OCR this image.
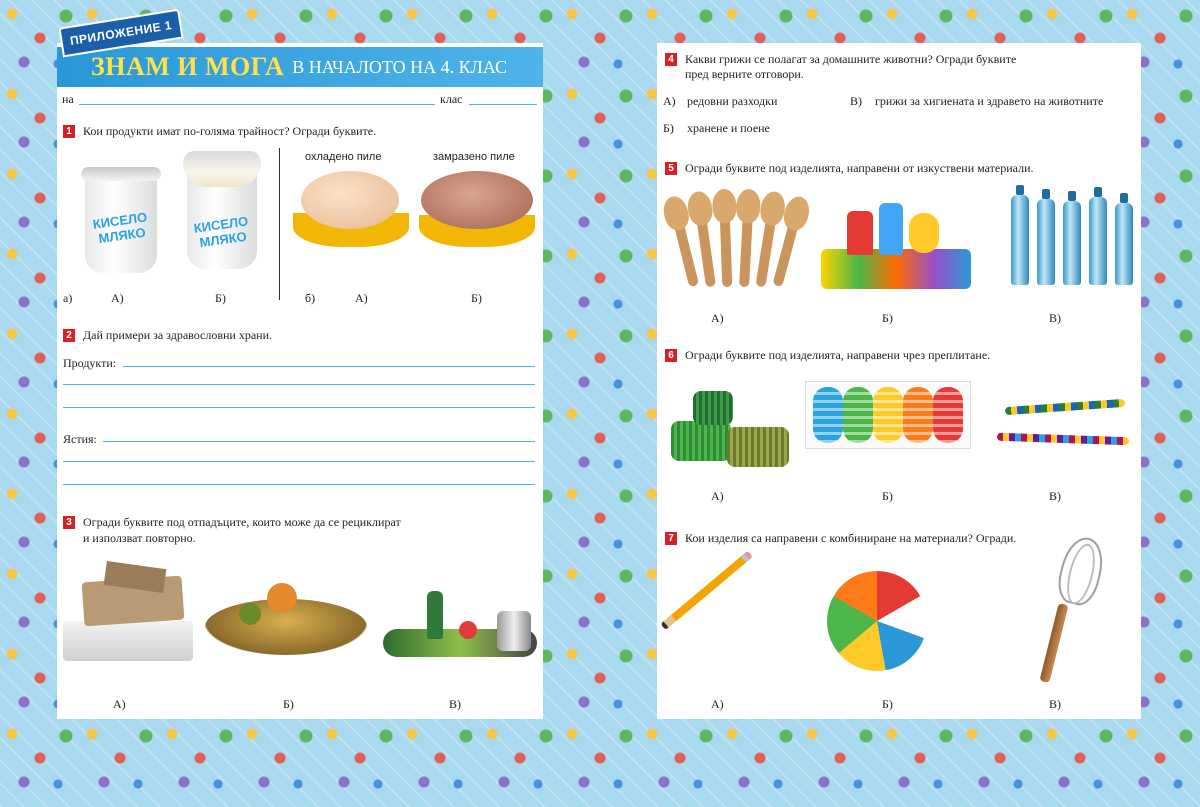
ЗНАМ И МОГА В НАЧАЛОТО НА 4. КЛАС
на	клас
1 Кои продукти имат по-голяма трайност? Огради буквите.
КИСЕЛО МЛЯКО	КИСЕЛО МЛЯКО
охладено пиле	замразено пиле
а)	А)	Б)	б)	А)	Б)
2 Дай примери за здравословни храни.
Продукти:
Ястия:
3 Огради буквите под отпадъците, които може да се рециклират
и използват повторно.
А)	Б)	В)
ПРИЛОЖЕНИЕ 1
4 Какви грижи се полагат за домашните животни? Огради буквите
пред верните отговори.
А) редовни разходки	В) грижи за хигиената и здравето на животните
Б) хранене и поене
5 Огради буквите под изделията, направени от изкуствени материали.
А)	Б)	В)
6 Огради буквите под изделията, направени чрез преплитане.
А)	Б)	В)
7 Кои изделия са направени с комбиниране на материали? Огради.
А)	Б)	В)
